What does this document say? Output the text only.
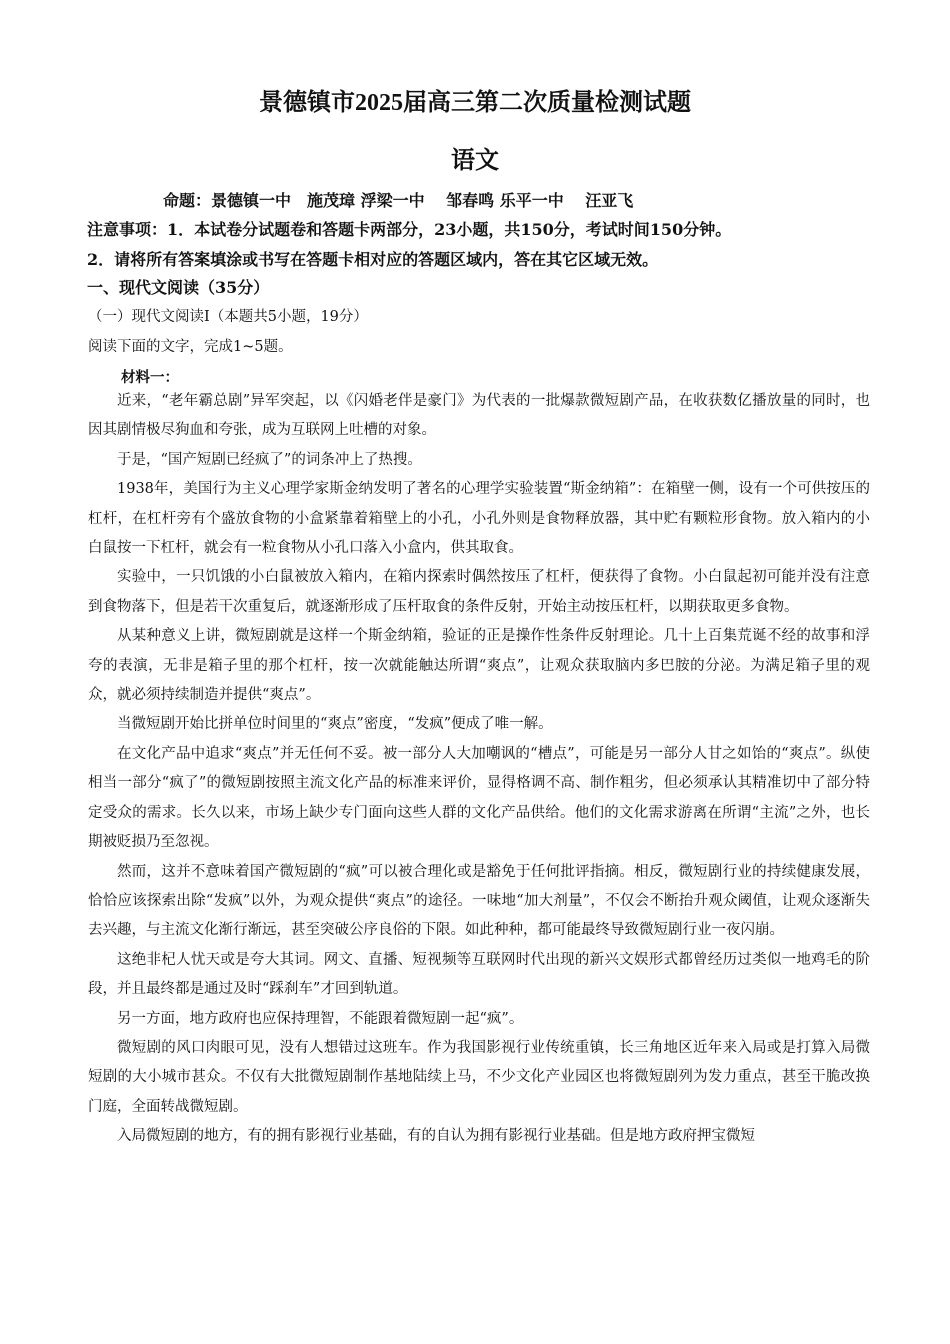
景德镇市2025届高三第二次质量检测试题
语文
命题：景德镇一中　施茂璋 浮梁一中　 邹春鸣 乐平一中　 汪亚飞
注意事项：1．本试卷分试题卷和答题卡两部分，23小题，共150分，考试时间150分钟。
2．请将所有答案填涂或书写在答题卡相对应的答题区域内，答在其它区域无效。
一、现代文阅读（35分）
（一）现代文阅读I（本题共5小题，19分）
阅读下面的文字，完成1~5题。
材料一：

近来，“老年霸总剧”异军突起，以《闪婚老伴是豪门》为代表的一批爆款微短剧产品，在收获数亿播放量的同时，也因其剧情极尽狗血和夸张，成为互联网上吐槽的对象。

于是，“国产短剧已经疯了”的词条冲上了热搜。

1938年，美国行为主义心理学家斯金纳发明了著名的心理学实验装置“斯金纳箱”：在箱壁一侧，设有一个可供按压的杠杆，在杠杆旁有个盛放食物的小盒紧靠着箱壁上的小孔，小孔外则是食物释放器，其中贮有颗粒形食物。放入箱内的小白鼠按一下杠杆，就会有一粒食物从小孔口落入小盒内，供其取食。

实验中，一只饥饿的小白鼠被放入箱内，在箱内探索时偶然按压了杠杆，便获得了食物。小白鼠起初可能并没有注意到食物落下，但是若干次重复后，就逐渐形成了压杆取食的条件反射，开始主动按压杠杆，以期获取更多食物。

从某种意义上讲，微短剧就是这样一个斯金纳箱，验证的正是操作性条件反射理论。几十上百集荒诞不经的故事和浮夸的表演，无非是箱子里的那个杠杆，按一次就能触达所谓“爽点”，让观众获取脑内多巴胺的分泌。为满足箱子里的观众，就必须持续制造并提供“爽点”。

当微短剧开始比拼单位时间里的“爽点”密度，“发疯”便成了唯一解。

在文化产品中追求“爽点”并无任何不妥。被一部分人大加嘲讽的“槽点”，可能是另一部分人甘之如饴的“爽点”。纵使相当一部分“疯了”的微短剧按照主流文化产品的标准来评价，显得格调不高、制作粗劣，但必须承认其精准切中了部分特定受众的需求。长久以来，市场上缺少专门面向这些人群的文化产品供给。他们的文化需求游离在所谓“主流”之外，也长期被贬损乃至忽视。

然而，这并不意味着国产微短剧的“疯”可以被合理化或是豁免于任何批评指摘。相反，微短剧行业的持续健康发展，恰恰应该探索出除“发疯”以外，为观众提供“爽点”的途径。一味地“加大剂量”，不仅会不断抬升观众阈值，让观众逐渐失去兴趣，与主流文化渐行渐远，甚至突破公序良俗的下限。如此种种，都可能最终导致微短剧行业一夜闪崩。

这绝非杞人忧天或是夸大其词。网文、直播、短视频等互联网时代出现的新兴文娱形式都曾经历过类似一地鸡毛的阶段，并且最终都是通过及时“踩刹车”才回到轨道。

另一方面，地方政府也应保持理智，不能跟着微短剧一起“疯”。

微短剧的风口肉眼可见，没有人想错过这班车。作为我国影视行业传统重镇，长三角地区近年来入局或是打算入局微短剧的大小城市甚众。不仅有大批微短剧制作基地陆续上马，不少文化产业园区也将微短剧列为发力重点，甚至干脆改换门庭，全面转战微短剧。

入局微短剧的地方，有的拥有影视行业基础，有的自认为拥有影视行业基础。但是地方政府押宝微短
